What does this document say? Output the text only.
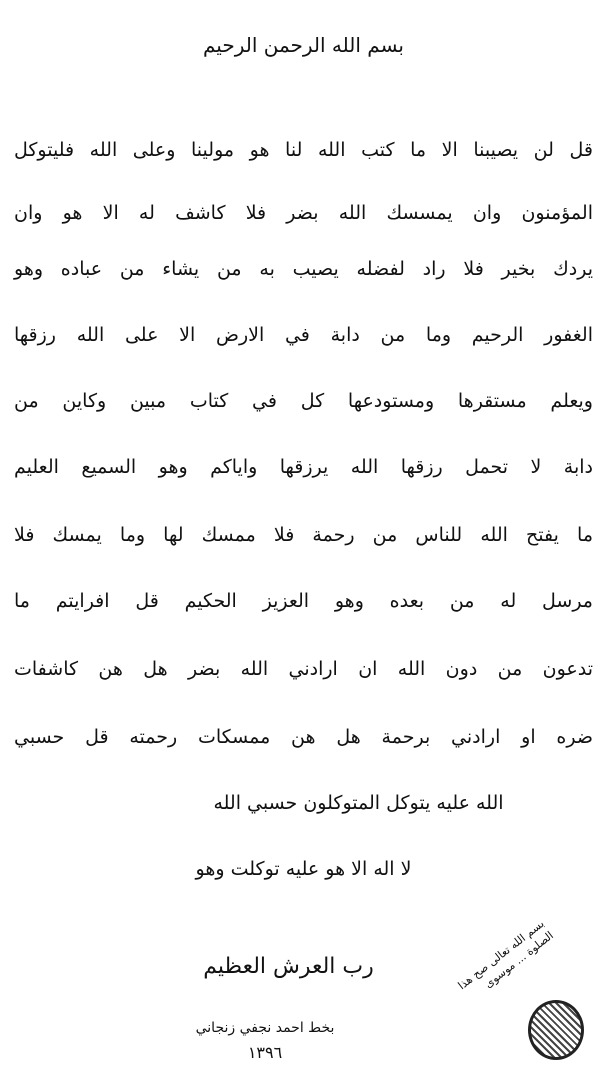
بسم الله الرحمن الرحيم
قل لن يصيبنا الا ما كتب الله لنا هو مولينا وعلى الله فليتوكل
المؤمنون وان يمسسك الله بضر فلا كاشف له الا هو وان
يردك بخير فلا راد لفضله يصيب به من يشاء من عباده وهو
الغفور الرحيم وما من دابة في الارض الا على الله رزقها
ويعلم مستقرها ومستودعها كل في كتاب مبين وكاين من
دابة لا تحمل رزقها الله يرزقها واياكم وهو السميع العليم
ما يفتح الله للناس من رحمة فلا ممسك لها وما يمسك فلا
مرسل له من بعده وهو العزيز الحكيم قل افرايتم ما
تدعون من دون الله ان ارادني الله بضر هل هن كاشفات
ضره او ارادني برحمة هل هن ممسكات رحمته قل حسبي
الله عليه يتوكل المتوكلون حسبي الله
لا اله الا هو عليه توكلت وهو
رب العرش العظيم
بخط احمد نجفي زنجاني
١٣٩٦
بسم الله تعالى صح هذا الصلوة ... موسوی
